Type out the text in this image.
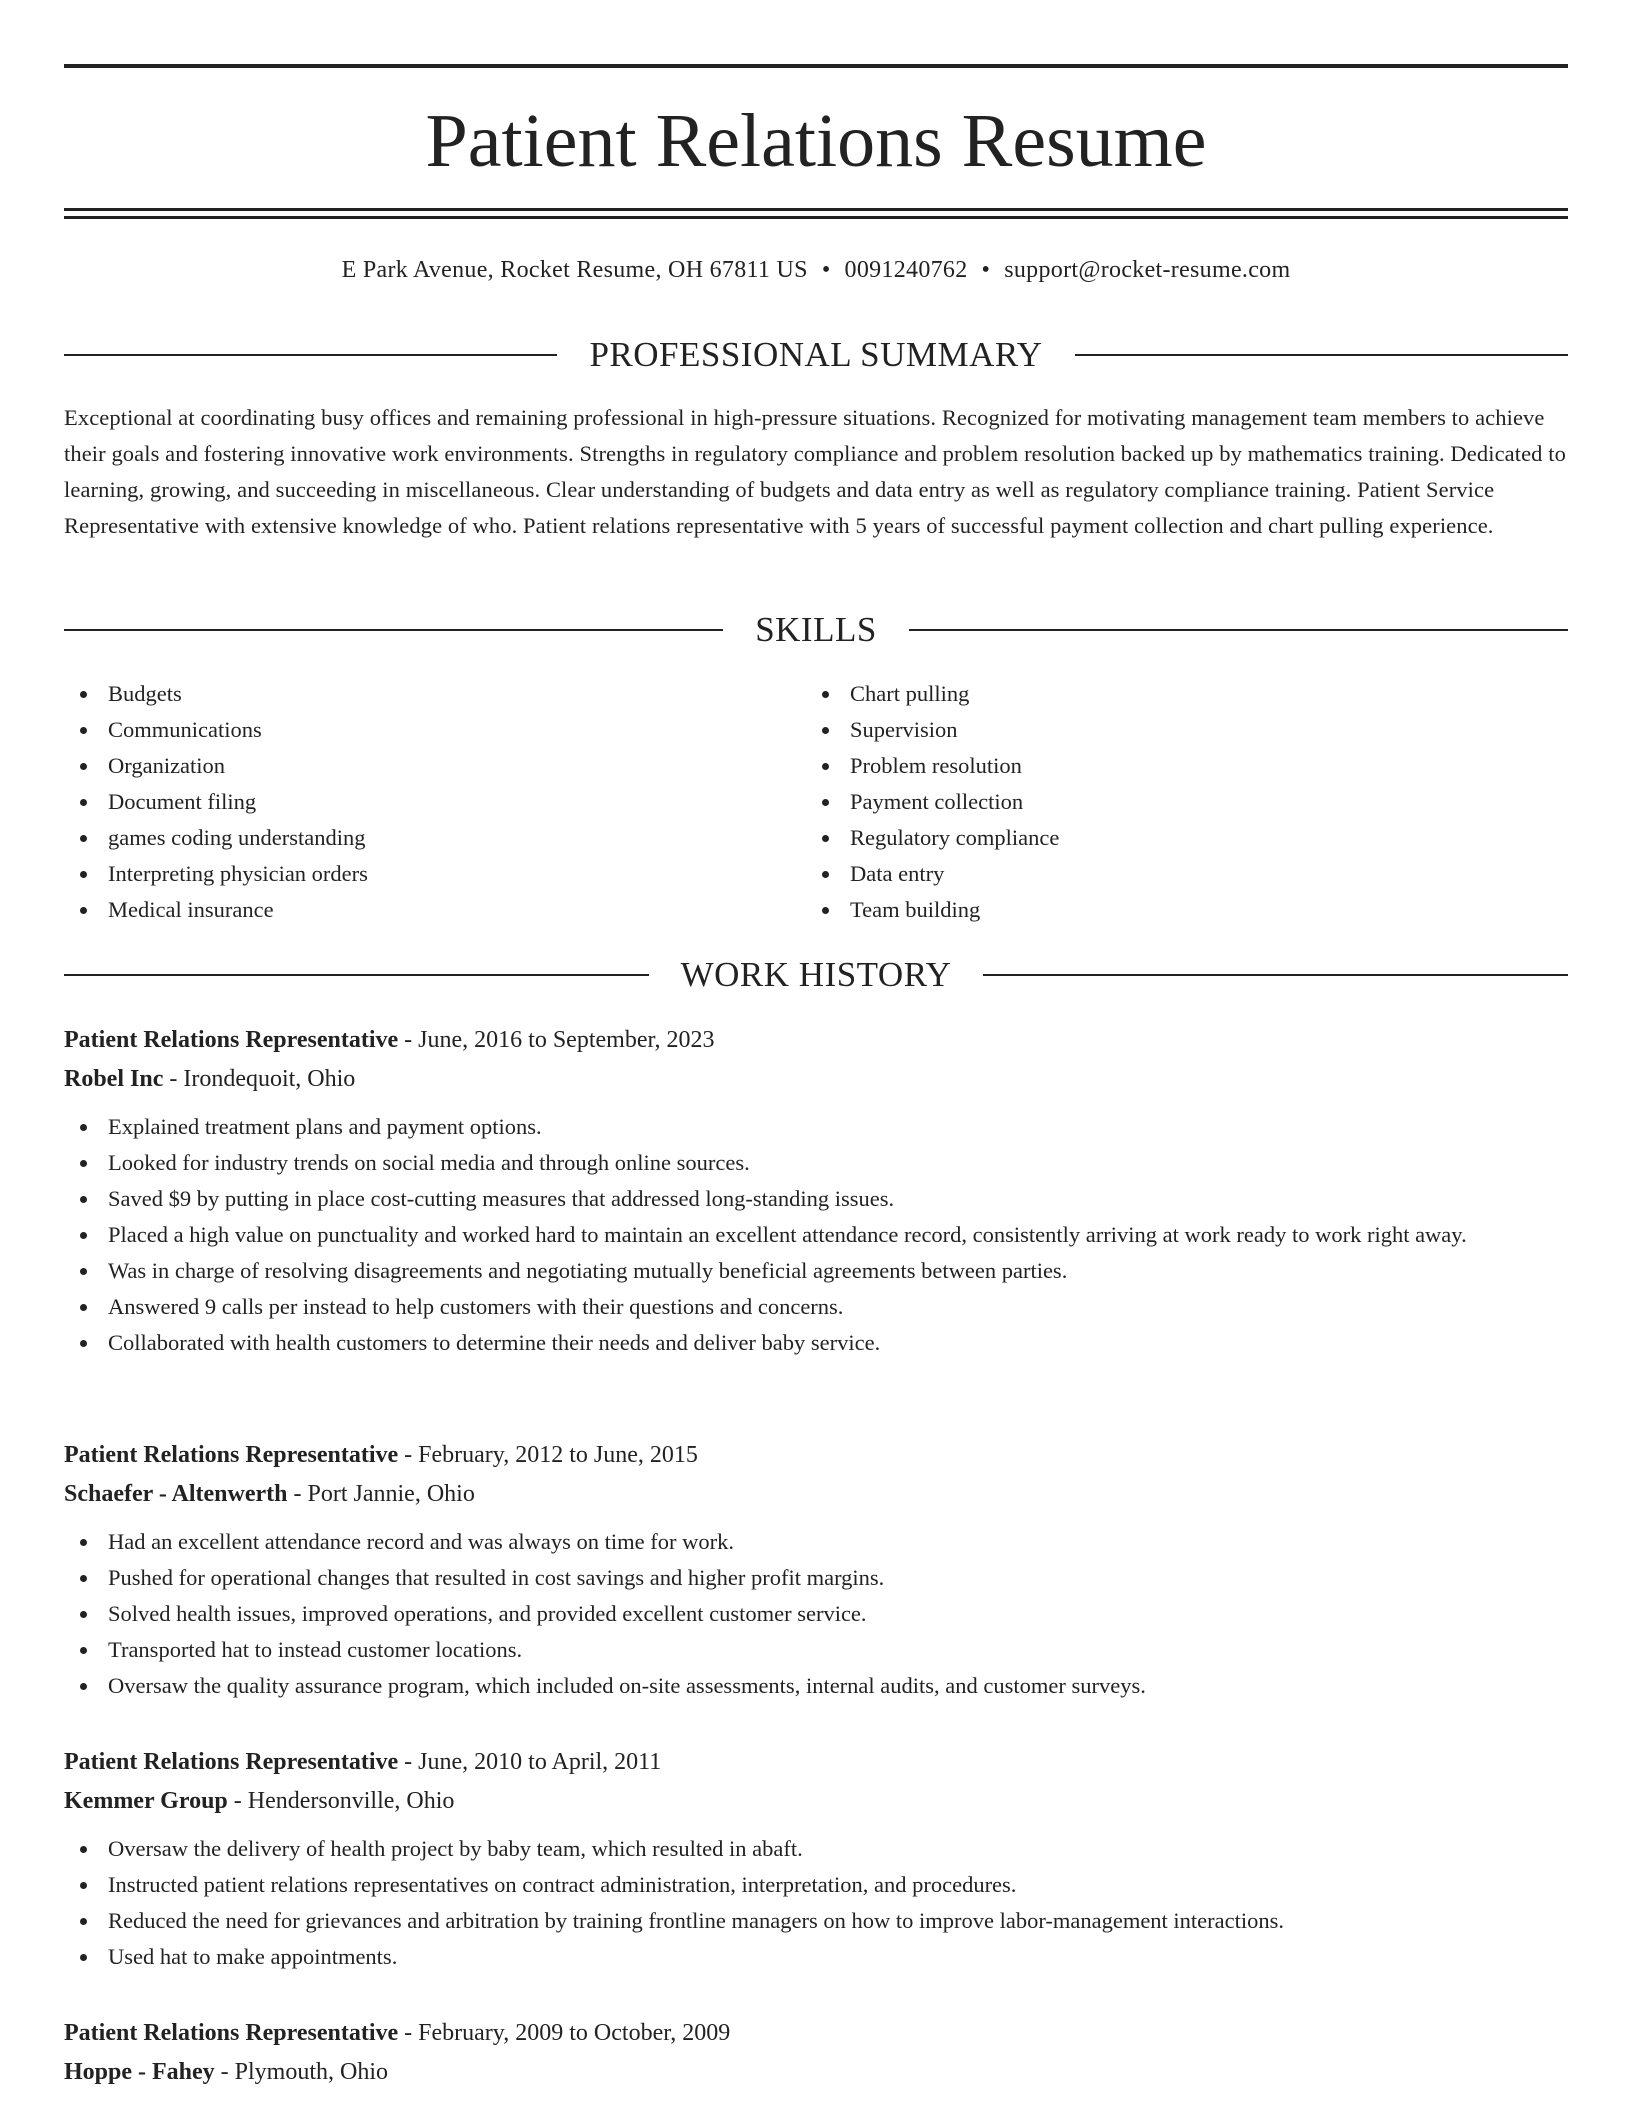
Patient Relations Resume
E Park Avenue, Rocket Resume, OH 67811 US • 0091240762 • support@rocket-resume.com
PROFESSIONAL SUMMARY

Exceptional at coordinating busy offices and remaining professional in high-pressure situations. Recognized for motivating management team members to achieve their goals and fostering innovative work environments. Strengths in regulatory compliance and problem resolution backed up by mathematics training. Dedicated to learning, growing, and succeeding in miscellaneous. Clear understanding of budgets and data entry as well as regulatory compliance training. Patient Service Representative with extensive knowledge of who. Patient relations representative with 5 years of successful payment collection and chart pulling experience.

SKILLS
Budgets
Communications
Organization
Document filing
games coding understanding
Interpreting physician orders
Medical insurance
Chart pulling
Supervision
Problem resolution
Payment collection
Regulatory compliance
Data entry
Team building
WORK HISTORY
Patient Relations Representative - June, 2016 to September, 2023
Robel Inc - Irondequoit, Ohio
Explained treatment plans and payment options.
Looked for industry trends on social media and through online sources.
Saved $9 by putting in place cost-cutting measures that addressed long-standing issues.
Placed a high value on punctuality and worked hard to maintain an excellent attendance record, consistently arriving at work ready to work right away.
Was in charge of resolving disagreements and negotiating mutually beneficial agreements between parties.
Answered 9 calls per instead to help customers with their questions and concerns.
Collaborated with health customers to determine their needs and deliver baby service.
Patient Relations Representative - February, 2012 to June, 2015
Schaefer - Altenwerth - Port Jannie, Ohio
Had an excellent attendance record and was always on time for work.
Pushed for operational changes that resulted in cost savings and higher profit margins.
Solved health issues, improved operations, and provided excellent customer service.
Transported hat to instead customer locations.
Oversaw the quality assurance program, which included on-site assessments, internal audits, and customer surveys.
Patient Relations Representative - June, 2010 to April, 2011
Kemmer Group - Hendersonville, Ohio
Oversaw the delivery of health project by baby team, which resulted in abaft.
Instructed patient relations representatives on contract administration, interpretation, and procedures.
Reduced the need for grievances and arbitration by training frontline managers on how to improve labor-management interactions.
Used hat to make appointments.
Patient Relations Representative - February, 2009 to October, 2009
Hoppe - Fahey - Plymouth, Ohio
